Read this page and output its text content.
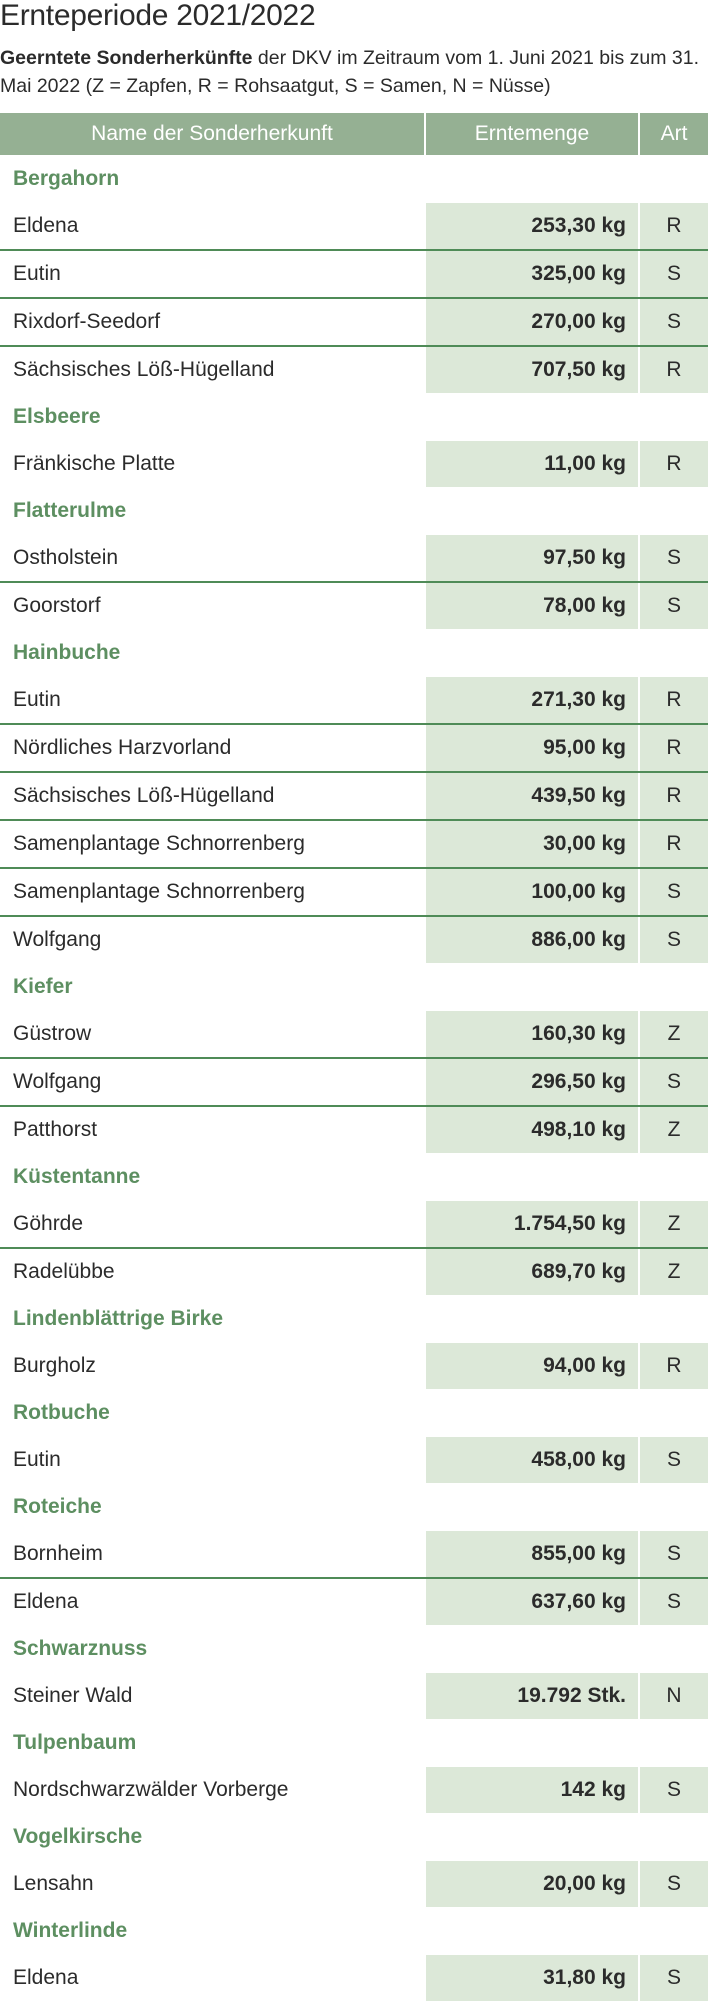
Ernteperiode 2021/2022
Geerntete Sonderherkünfte der DKV im Zeitraum vom 1. Juni 2021 bis zum 31. Mai 2022 (Z = Zapfen, R = Rohsaatgut, S = Samen, N = Nüsse)
Name der Sonderherkunft	Erntemenge	Art
Bergahorn
Eldena	253,30 kg	R
Eutin	325,00 kg	S
Rixdorf-Seedorf	270,00 kg	S
Sächsisches Löß-Hügelland	707,50 kg	R
Elsbeere
Fränkische Platte	11,00 kg	R
Flatterulme
Ostholstein	97,50 kg	S
Goorstorf	78,00 kg	S
Hainbuche
Eutin	271,30 kg	R
Nördliches Harzvorland	95,00 kg	R
Sächsisches Löß-Hügelland	439,50 kg	R
Samenplantage Schnorrenberg	30,00 kg	R
Samenplantage Schnorrenberg	100,00 kg	S
Wolfgang	886,00 kg	S
Kiefer
Güstrow	160,30 kg	Z
Wolfgang	296,50 kg	S
Patthorst	498,10 kg	Z
Küstentanne
Göhrde	1.754,50 kg	Z
Radelübbe	689,70 kg	Z
Lindenblättrige Birke
Burgholz	94,00 kg	R
Rotbuche
Eutin	458,00 kg	S
Roteiche
Bornheim	855,00 kg	S
Eldena	637,60 kg	S
Schwarznuss
Steiner Wald	19.792 Stk.	N
Tulpenbaum
Nordschwarzwälder Vorberge	142 kg	S
Vogelkirsche
Lensahn	20,00 kg	S
Winterlinde
Eldena	31,80 kg	S
